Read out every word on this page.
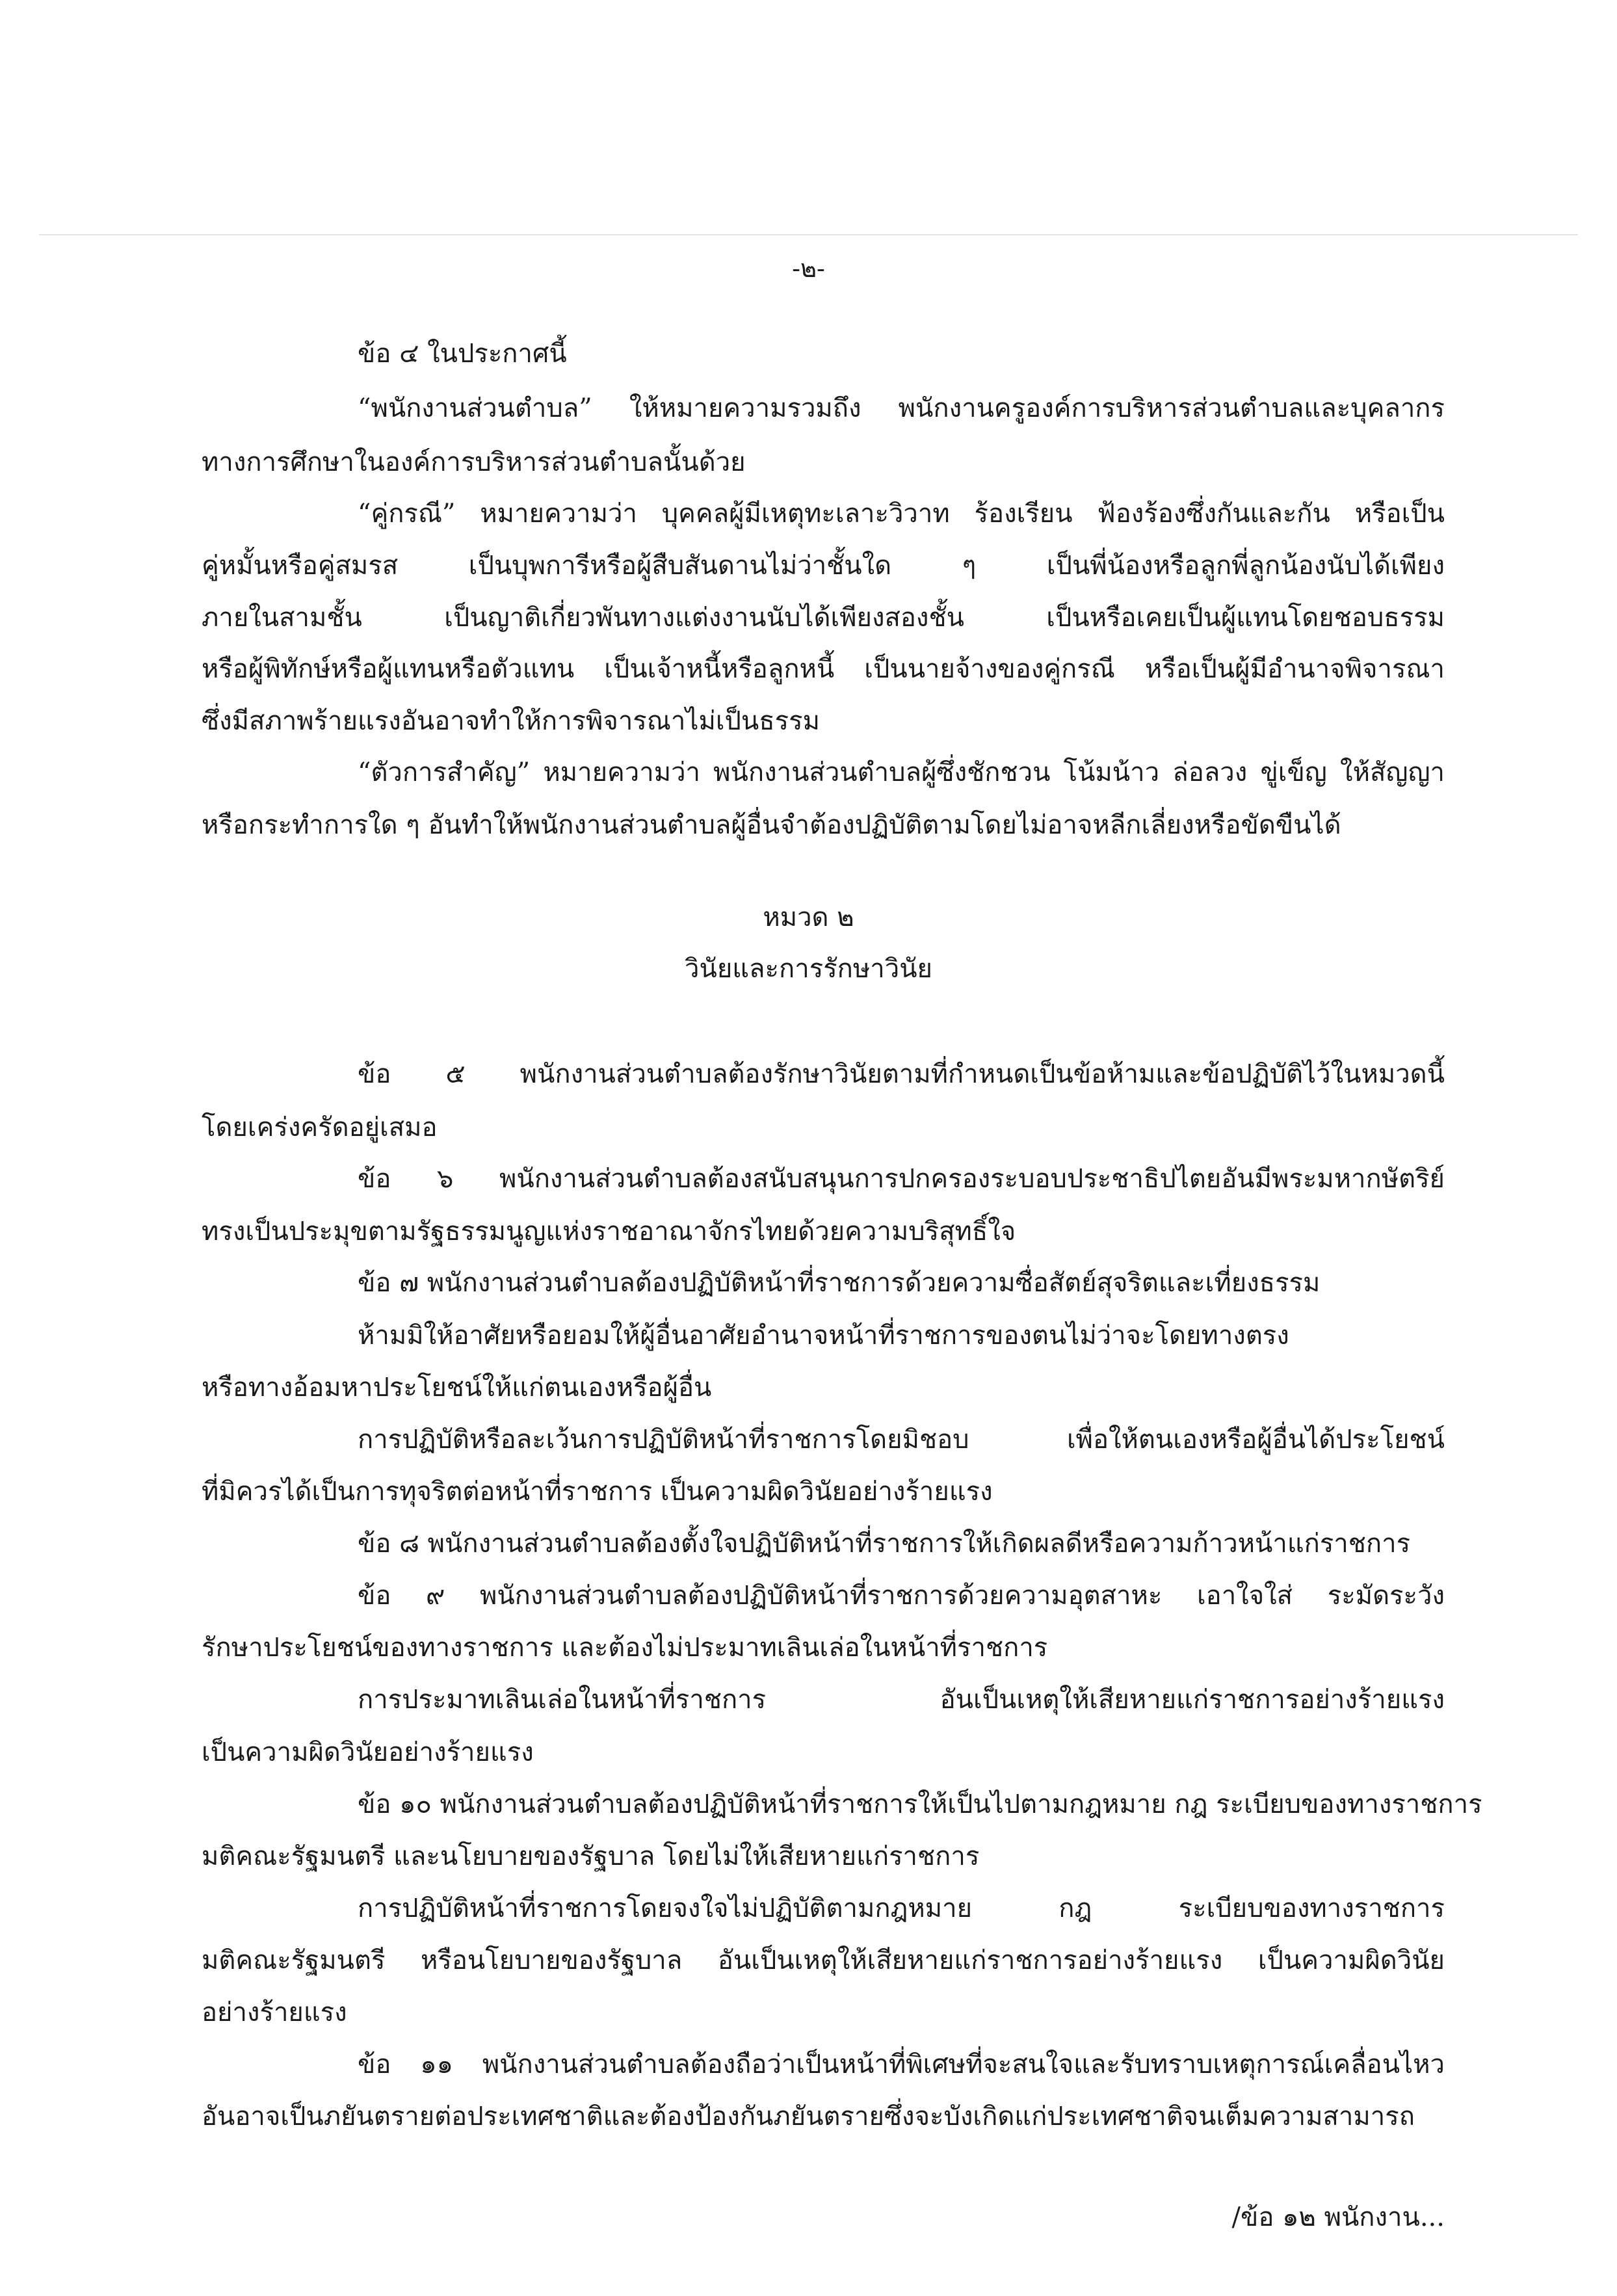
-๒-
ข้อ ๔ ในประกาศนี้
“พนักงานส่วนตำบล” ให้หมายความรวมถึง พนักงานครูองค์การบริหารส่วนตำบลและบุคลากร
ทางการศึกษาในองค์การบริหารส่วนตำบลนั้นด้วย
“คู่กรณี” หมายความว่า บุคคลผู้มีเหตุทะเลาะวิวาท ร้องเรียน ฟ้องร้องซึ่งกันและกัน หรือเป็น
คู่หมั้นหรือคู่สมรส เป็นบุพการีหรือผู้สืบสันดานไม่ว่าชั้นใด ๆ เป็นพี่น้องหรือลูกพี่ลูกน้องนับได้เพียง
ภายในสามชั้น เป็นญาติเกี่ยวพันทางแต่งงานนับได้เพียงสองชั้น เป็นหรือเคยเป็นผู้แทนโดยชอบธรรม
หรือผู้พิทักษ์หรือผู้แทนหรือตัวแทน เป็นเจ้าหนี้หรือลูกหนี้ เป็นนายจ้างของคู่กรณี หรือเป็นผู้มีอำนาจพิจารณา
ซึ่งมีสภาพร้ายแรงอันอาจทำให้การพิจารณาไม่เป็นธรรม
“ตัวการสำคัญ” หมายความว่า พนักงานส่วนตำบลผู้ซึ่งชักชวน โน้มน้าว ล่อลวง ขู่เข็ญ ให้สัญญา
หรือกระทำการใด ๆ อันทำให้พนักงานส่วนตำบลผู้อื่นจำต้องปฏิบัติตามโดยไม่อาจหลีกเลี่ยงหรือขัดขืนได้
หมวด ๒
วินัยและการรักษาวินัย
ข้อ ๕ พนักงานส่วนตำบลต้องรักษาวินัยตามที่กำหนดเป็นข้อห้ามและข้อปฏิบัติไว้ในหมวดนี้
โดยเคร่งครัดอยู่เสมอ
ข้อ ๖ พนักงานส่วนตำบลต้องสนับสนุนการปกครองระบอบประชาธิปไตยอันมีพระมหากษัตริย์
ทรงเป็นประมุขตามรัฐธรรมนูญแห่งราชอาณาจักรไทยด้วยความบริสุทธิ์ใจ
ข้อ ๗ พนักงานส่วนตำบลต้องปฏิบัติหน้าที่ราชการด้วยความซื่อสัตย์สุจริตและเที่ยงธรรม
ห้ามมิให้อาศัยหรือยอมให้ผู้อื่นอาศัยอำนาจหน้าที่ราชการของตนไม่ว่าจะโดยทางตรง
หรือทางอ้อมหาประโยชน์ให้แก่ตนเองหรือผู้อื่น
การปฏิบัติหรือละเว้นการปฏิบัติหน้าที่ราชการโดยมิชอบ เพื่อให้ตนเองหรือผู้อื่นได้ประโยชน์
ที่มิควรได้เป็นการทุจริตต่อหน้าที่ราชการ เป็นความผิดวินัยอย่างร้ายแรง
ข้อ ๘ พนักงานส่วนตำบลต้องตั้งใจปฏิบัติหน้าที่ราชการให้เกิดผลดีหรือความก้าวหน้าแก่ราชการ
ข้อ ๙ พนักงานส่วนตำบลต้องปฏิบัติหน้าที่ราชการด้วยความอุตสาหะ เอาใจใส่ ระมัดระวัง
รักษาประโยชน์ของทางราชการ และต้องไม่ประมาทเลินเล่อในหน้าที่ราชการ
การประมาทเลินเล่อในหน้าที่ราชการ อันเป็นเหตุให้เสียหายแก่ราชการอย่างร้ายแรง
เป็นความผิดวินัยอย่างร้ายแรง
ข้อ ๑๐ พนักงานส่วนตำบลต้องปฏิบัติหน้าที่ราชการให้เป็นไปตามกฎหมาย กฎ ระเบียบของทางราชการ
มติคณะรัฐมนตรี และนโยบายของรัฐบาล โดยไม่ให้เสียหายแก่ราชการ
การปฏิบัติหน้าที่ราชการโดยจงใจไม่ปฏิบัติตามกฎหมาย กฎ ระเบียบของทางราชการ
มติคณะรัฐมนตรี หรือนโยบายของรัฐบาล อันเป็นเหตุให้เสียหายแก่ราชการอย่างร้ายแรง เป็นความผิดวินัย
อย่างร้ายแรง
ข้อ ๑๑ พนักงานส่วนตำบลต้องถือว่าเป็นหน้าที่พิเศษที่จะสนใจและรับทราบเหตุการณ์เคลื่อนไหว
อันอาจเป็นภยันตรายต่อประเทศชาติและต้องป้องกันภยันตรายซึ่งจะบังเกิดแก่ประเทศชาติจนเต็มความสามารถ
/ข้อ ๑๒ พนักงาน...
